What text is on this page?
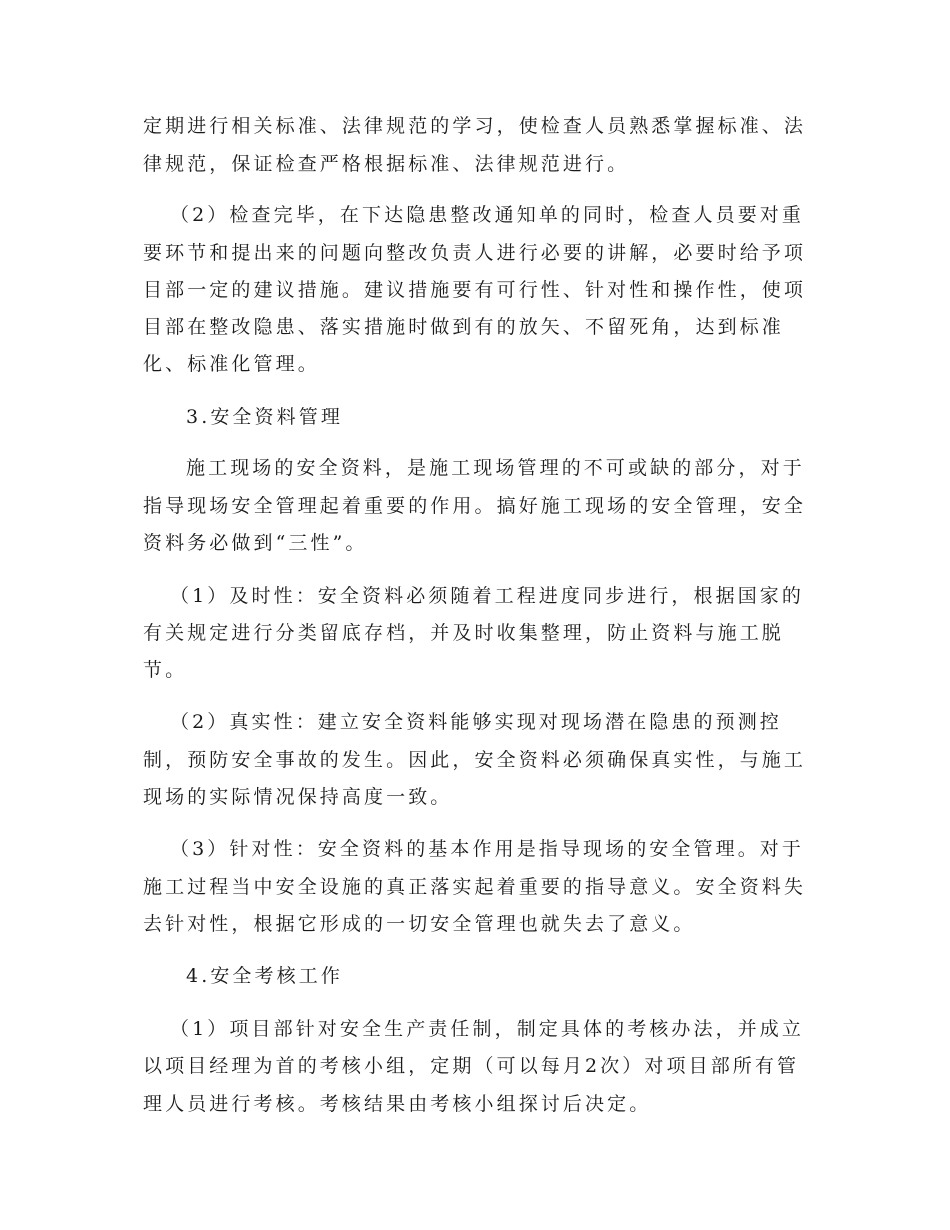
定期进行相关标准、法律规范的学习，使检查人员熟悉掌握标准、法
律规范，保证检查严格根据标准、法律规范进行。
（2）检查完毕，在下达隐患整改通知单的同时，检查人员要对重
要环节和提出来的问题向整改负责人进行必要的讲解，必要时给予项
目部一定的建议措施。建议措施要有可行性、针对性和操作性，使项
目部在整改隐患、落实措施时做到有的放矢、不留死角，达到标准
化、标准化管理。
3.安全资料管理
施工现场的安全资料，是施工现场管理的不可或缺的部分，对于
指导现场安全管理起着重要的作用。搞好施工现场的安全管理，安全
资料务必做到“三性”。
（1）及时性：安全资料必须随着工程进度同步进行，根据国家的
有关规定进行分类留底存档，并及时收集整理，防止资料与施工脱
节。
（2）真实性：建立安全资料能够实现对现场潜在隐患的预测控
制，预防安全事故的发生。因此，安全资料必须确保真实性，与施工
现场的实际情况保持高度一致。
（3）针对性：安全资料的基本作用是指导现场的安全管理。对于
施工过程当中安全设施的真正落实起着重要的指导意义。安全资料失
去针对性，根据它形成的一切安全管理也就失去了意义。
4.安全考核工作
（1）项目部针对安全生产责任制，制定具体的考核办法，并成立
以项目经理为首的考核小组，定期（可以每月2次）对项目部所有管
理人员进行考核。考核结果由考核小组探讨后决定。
